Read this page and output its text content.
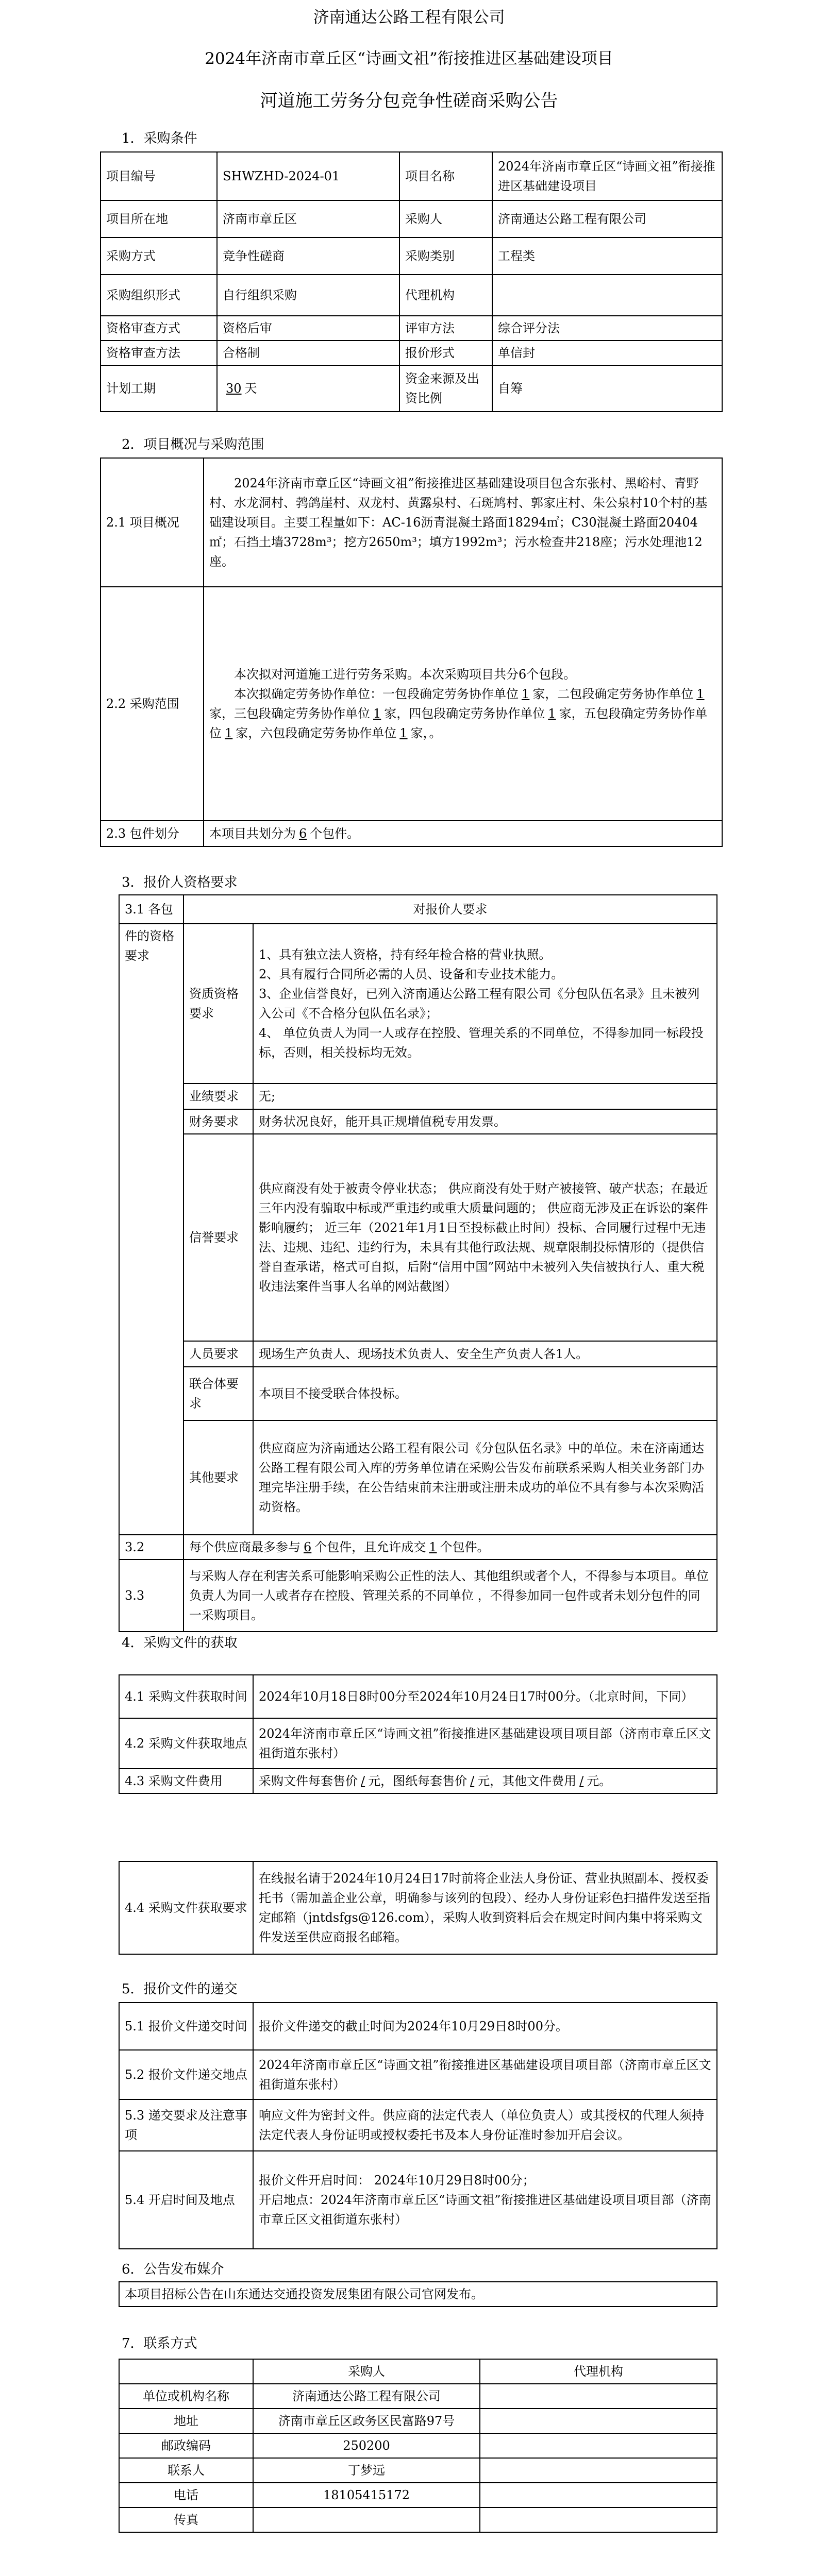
济南通达公路工程有限公司
2024年济南市章丘区“诗画文祖”衔接推进区基础建设项目
河道施工劳务分包竞争性磋商采购公告
1．采购条件
项目编号	SHWZHD-2024-01	项目名称	2024年济南市章丘区“诗画文祖”衔接推进区基础建设项目
项目所在地	济南市章丘区	采购人	济南通达公路工程有限公司
采购方式	竞争性磋商	采购类别	工程类
采购组织形式	自行组织采购	代理机构	
资格审查方式	资格后审	评审方法	综合评分法
资格审查方法	合格制	报价形式	单信封
计划工期	30 天	资金来源及出资比例	自筹
2．项目概况与采购范围
2.1 项目概况	2024年济南市章丘区“诗画文祖”衔接推进区基础建设项目包含东张村、黑峪村、青野村、水龙洞村、鹁鸽崖村、双龙村、黄露泉村、石斑鸠村、郭家庄村、朱公泉村10个村的基础建设项目。主要工程量如下：AC-16沥青混凝土路面18294㎡；C30混凝土路面20404㎡；石挡土墙3728m³；挖方2650m³；填方1992m³；污水检查井218座；污水处理池12座。
2.2 采购范围	本次拟对河道施工进行劳务采购。本次采购项目共分6个包段。
本次拟确定劳务协作单位：一包段确定劳务协作单位 1 家，二包段确定劳务协作单位 1家，三包段确定劳务协作单位 1 家，四包段确定劳务协作单位 1 家，五包段确定劳务协作单位 1 家，六包段确定劳务协作单位 1 家，。

2.3 包件划分	本项目共划分为 6 个包件。
3．报价人资格要求
3.1 各包	对报价人要求	
件的资格要求	资质资格要求	1、具有独立法人资格，持有经年检合格的营业执照。
2、具有履行合同所必需的人员、设备和专业技术能力。
3、企业信誉良好，已列入济南通达公路工程有限公司《分包队伍名录》且未被列入公司《不合格分包队伍名录》；
4、 单位负责人为同一人或存在控股、管理关系的不同单位，不得参加同一标段投标，否则，相关投标均无效。

	业绩要求	无;
	财务要求	财务状况良好，能开具正规增值税专用发票。
	信誉要求	供应商没有处于被责令停业状态； 供应商没有处于财产被接管、破产状态；在最近三年内没有骗取中标或严重违约或重大质量问题的； 供应商无涉及正在诉讼的案件影响履约； 近三年（2021年1月1日至投标截止时间）投标、合同履行过程中无违法、违规、违纪、违约行为，未具有其他行政法规、规章限制投标情形的（提供信誉自查承诺，格式可自拟，后附“信用中国”网站中未被列入失信被执行人、重大税收违法案件当事人名单的网站截图）
	人员要求	现场生产负责人、现场技术负责人、安全生产负责人各1人。
	联合体要求	本项目不接受联合体投标。
	其他要求	供应商应为济南通达公路工程有限公司《分包队伍名录》中的单位。未在济南通达公路工程有限公司入库的劳务单位请在采购公告发布前联系采购人相关业务部门办理完毕注册手续，在公告结束前未注册或注册未成功的单位不具有参与本次采购活动资格。

3.2	每个供应商最多参与 6 个包件，且允许成交 1 个包件。	
3.3	与采购人存在利害关系可能影响采购公正性的法人、其他组织或者个人，不得参与本项目。单位负责人为同一人或者存在控股、管理关系的不同单位 ，不得参加同一包件或者未划分包件的同一采购项目。	
4．采购文件的获取
4.1 采购文件获取时间	2024年10月18日8时00分至2024年10月24日17时00分。（北京时间，下同）
4.2 采购文件获取地点	2024年济南市章丘区“诗画文祖”衔接推进区基础建设项目项目部（济南市章丘区文祖街道东张村）
4.3 采购文件费用	采购文件每套售价 / 元，图纸每套售价 / 元，其他文件费用 / 元。
4.4 采购文件获取要求	在线报名请于2024年10月24日17时前将企业法人身份证、营业执照副本、授权委托书（需加盖企业公章，明确参与该列的包段）、经办人身份证彩色扫描件发送至指定邮箱（jntdsfgs@126.com），采购人收到资料后会在规定时间内集中将采购文件发送至供应商报名邮箱。
5．报价文件的递交
5.1 报价文件递交时间	报价文件递交的截止时间为2024年10月29日8时00分。
5.2 报价文件递交地点	2024年济南市章丘区“诗画文祖”衔接推进区基础建设项目项目部（济南市章丘区文祖街道东张村）
5.3 递交要求及注意事项	响应文件为密封文件。供应商的法定代表人（单位负责人）或其授权的代理人须持法定代表人身份证明或授权委托书及本人身份证准时参加开启会议。
5.4 开启时间及地点	报价文件开启时间： 2024年10月29日8时00分；
开启地点：2024年济南市章丘区“诗画文祖”衔接推进区基础建设项目项目部（济南市章丘区文祖街道东张村）
6．公告发布媒介
本项目招标公告在山东通达交通投资发展集团有限公司官网发布。
7．联系方式
	采购人	代理机构
单位或机构名称	济南通达公路工程有限公司	
地址	济南市章丘区政务区民富路97号	
邮政编码	250200	
联系人	丁梦远	
电话	18105415172	
传真		
